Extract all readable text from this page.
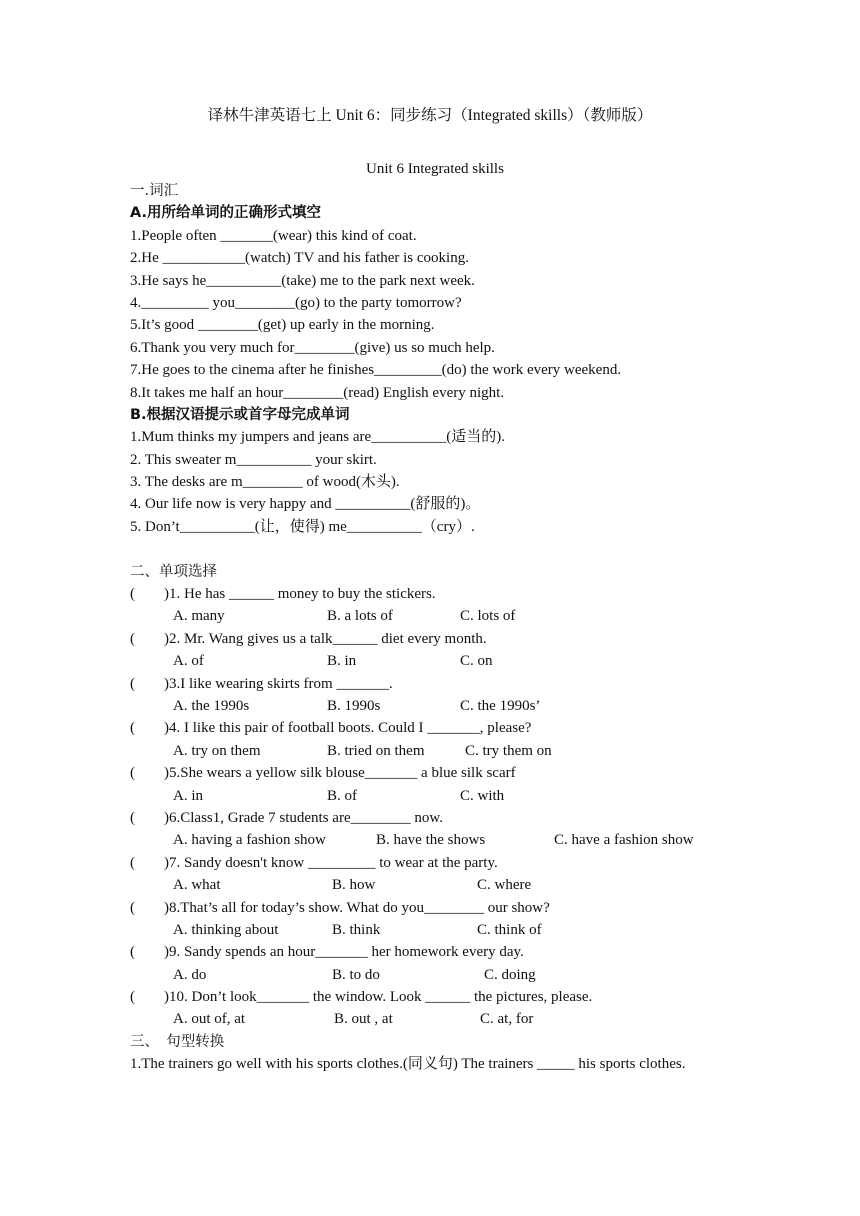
译林牛津英语七上 Unit 6：同步练习（Integrated skills）（教师版）
Unit 6 Integrated skills
一.词汇
A.用所给单词的正确形式填空
1.People often _______(wear) this kind of coat.
2.He ___________(watch) TV and his father is cooking.
3.He says he__________(take) me to the park next week.
4._________ you________(go) to the party tomorrow?
5.It’s good ________(get) up early in the morning.
6.Thank you very much for________(give) us so much help.
7.He goes to the cinema after he finishes_________(do) the work every weekend.
8.It takes me half an hour________(read) English every night.
B.根据汉语提示或首字母完成单词
1.Mum thinks my jumpers and jeans are__________(适当的).
2. This sweater m__________ your skirt.
3. The desks are m________ of wood(木头).
4. Our life now is very happy and __________(舒服的)。
5. Don’t__________(让，使得) me__________（cry）.
二、单项选择
( )1. He has ______ money to buy the stickers.
A. many	B. a lots of	C. lots of
( )2. Mr. Wang gives us a talk______ diet every month.
A. of	B. in	C. on
( )3.I like wearing skirts from _______.
A. the 1990s	B. 1990s	C. the 1990s’
( )4. I like this pair of football boots. Could I _______, please?
A. try on them	B. tried on them	C. try them on
( )5.She wears a yellow silk blouse_______ a blue silk scarf
A. in	B. of	C. with
( )6.Class1, Grade 7 students are________ now.
A. having a fashion show	B. have the shows	C. have a fashion show
( )7. Sandy doesn't know _________ to wear at the party.
A. what	B. how	C. where
( )8.That’s all for today’s show. What do you________ our show?
A. thinking about	B. think	C. think of
( )9. Sandy spends an hour_______ her homework every day.
A. do	B. to do	C. doing
( )10. Don’t look_______ the window. Look ______ the pictures, please.
A. out of, at	B. out , at	C. at, for
三、　句型转换
1.The trainers go well with his sports clothes.(同义句) The trainers _____ his sports clothes.
